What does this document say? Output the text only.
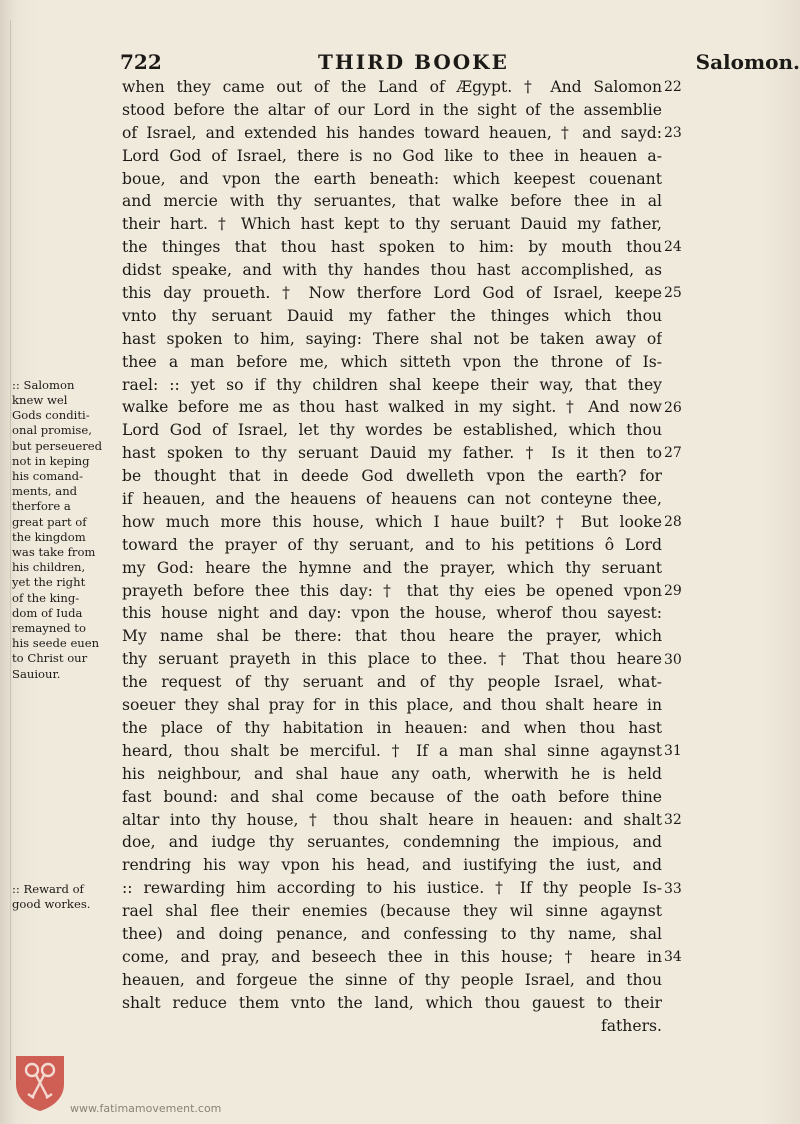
722	THIRD BOOKE	Salomon.
when they came out of the Land of Ægypt. † And Salomon
stood before the altar of our Lord in the sight of the assemblie
of Israel, and extended his handes toward heauen, † and sayd:
Lord God of Israel, there is no God like to thee in heauen a-
boue, and vpon the earth beneath: which keepest couenant
and mercie with thy seruantes, that walke before thee in al
their hart. † Which hast kept to thy seruant Dauid my father,
the thinges that thou hast spoken to him: by mouth thou
didst speake, and with thy handes thou hast accomplished, as
this day proueth. † Now therfore Lord God of Israel, keepe
vnto thy seruant Dauid my father the thinges which thou
hast spoken to him, saying: There shal not be taken away of
thee a man before me, which sitteth vpon the throne of Is-
rael: :: yet so if thy children shal keepe their way, that they
walke before me as thou hast walked in my sight. † And now
Lord God of Israel, let thy wordes be established, which thou
hast spoken to thy seruant Dauid my father. † Is it then to
be thought that in deede God dwelleth vpon the earth? for
if heauen, and the heauens of heauens can not conteyne thee,
how much more this house, which I haue built? † But looke
toward the prayer of thy seruant, and to his petitions ô Lord
my God: heare the hymne and the prayer, which thy seruant
prayeth before thee this day: † that thy eies be opened vpon
this house night and day: vpon the house, wherof thou sayest:
My name shal be there: that thou heare the prayer, which
thy seruant prayeth in this place to thee. † That thou heare
the request of thy seruant and of thy people Israel, what-
soeuer they shal pray for in this place, and thou shalt heare in
the place of thy habitation in heauen: and when thou hast
heard, thou shalt be merciful. † If a man shal sinne agaynst
his neighbour, and shal haue any oath, wherwith he is held
fast bound: and shal come because of the oath before thine
altar into thy house, † thou shalt heare in heauen: and shalt
doe, and iudge thy seruantes, condemning the impious, and
rendring his way vpon his head, and iustifying the iust, and
:: rewarding him according to his iustice. † If thy people Is-
rael shal flee their enemies (because they wil sinne agaynst
thee) and doing penance, and confessing to thy name, shal
come, and pray, and beseech thee in this house; † heare in
heauen, and forgeue the sinne of thy people Israel, and thou
shalt reduce them vnto the land, which thou gauest to their
fathers.
22
23
24
25
26
27
28
29
30
31
32
33
34
:: Salomon
knew wel
Gods conditi-
onal promise,
but perseuered
not in keping
his comand-
ments, and
therfore a
great part of
the kingdom
was take from
his children,
yet the right
of the king-
dom of Iuda
remayned to
his seede euen
to Christ our
Sauiour.
:: Reward of
good workes.
www.fatimamovement.com
